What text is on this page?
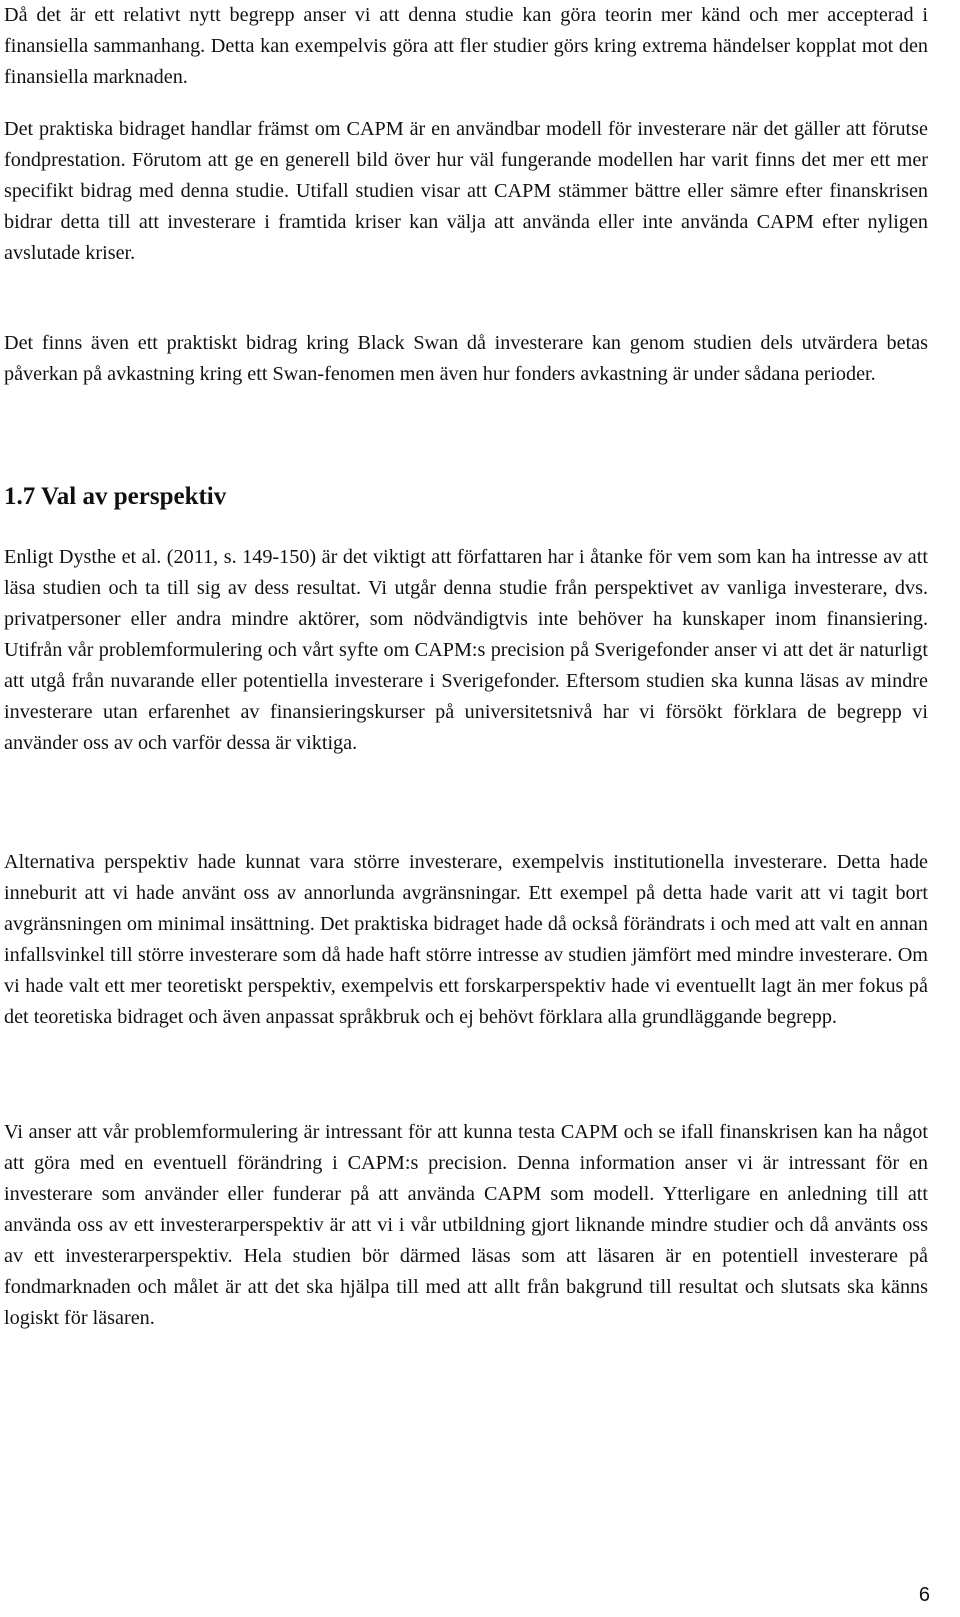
Då det är ett relativt nytt begrepp anser vi att denna studie kan göra teorin mer känd och mer accepterad i finansiella sammanhang. Detta kan exempelvis göra att fler studier görs kring extrema händelser kopplat mot den finansiella marknaden.

Det praktiska bidraget handlar främst om CAPM är en användbar modell för investerare när det gäller att förutse fondprestation. Förutom att ge en generell bild över hur väl fungerande modellen har varit finns det mer ett mer specifikt bidrag med denna studie. Utifall studien visar att CAPM stämmer bättre eller sämre efter finanskrisen bidrar detta till att investerare i framtida kriser kan välja att använda eller inte använda CAPM efter nyligen avslutade kriser.

Det finns även ett praktiskt bidrag kring Black Swan då investerare kan genom studien dels utvärdera betas påverkan på avkastning kring ett Swan-fenomen men även hur fonders avkastning är under sådana perioder.

1.7 Val av perspektiv

Enligt Dysthe et al. (2011, s. 149-150) är det viktigt att författaren har i åtanke för vem som kan ha intresse av att läsa studien och ta till sig av dess resultat. Vi utgår denna studie från perspektivet av vanliga investerare, dvs. privatpersoner eller andra mindre aktörer, som nödvändigtvis inte behöver ha kunskaper inom finansiering. Utifrån vår problemformulering och vårt syfte om CAPM:s precision på Sverigefonder anser vi att det är naturligt att utgå från nuvarande eller potentiella investerare i Sverigefonder. Eftersom studien ska kunna läsas av mindre investerare utan erfarenhet av finansieringskurser på universitetsnivå har vi försökt förklara de begrepp vi använder oss av och varför dessa är viktiga.

Alternativa perspektiv hade kunnat vara större investerare, exempelvis institutionella investerare. Detta hade inneburit att vi hade använt oss av annorlunda avgränsningar. Ett exempel på detta hade varit att vi tagit bort avgränsningen om minimal insättning. Det praktiska bidraget hade då också förändrats i och med att valt en annan infallsvinkel till större investerare som då hade haft större intresse av studien jämfört med mindre investerare. Om vi hade valt ett mer teoretiskt perspektiv, exempelvis ett forskarperspektiv hade vi eventuellt lagt än mer fokus på det teoretiska bidraget och även anpassat språkbruk och ej behövt förklara alla grundläggande begrepp.

Vi anser att vår problemformulering är intressant för att kunna testa CAPM och se ifall finanskrisen kan ha något att göra med en eventuell förändring i CAPM:s precision. Denna information anser vi är intressant för en investerare som använder eller funderar på att använda CAPM som modell. Ytterligare en anledning till att använda oss av ett investerarperspektiv är att vi i vår utbildning gjort liknande mindre studier och då använts oss av ett investerarperspektiv. Hela studien bör därmed läsas som att läsaren är en potentiell investerare på fondmarknaden och målet är att det ska hjälpa till med att allt från bakgrund till resultat och slutsats ska känns logiskt för läsaren.

6
